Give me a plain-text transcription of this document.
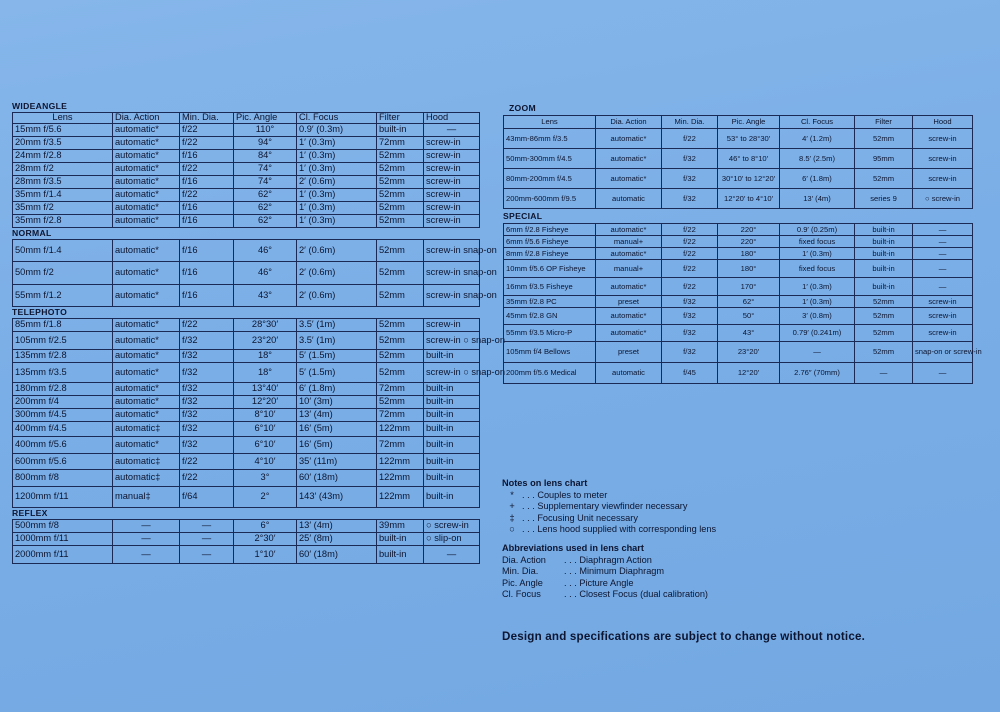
WIDEANGLE
Lens	Dia. Action	Min. Dia.	Pic. Angle	Cl. Focus	Filter	Hood
15mm f/5.6	automatic*	f/22	110°	0.9′ (0.3m)	built-in	—
20mm f/3.5	automatic*	f/22	94°	1′ (0.3m)	72mm	screw-in
24mm f/2.8	automatic*	f/16	84°	1′ (0.3m)	52mm	screw-in
28mm f/2	automatic*	f/22	74°	1′ (0.3m)	52mm	screw-in
28mm f/3.5	automatic*	f/16	74°	2′ (0.6m)	52mm	screw-in
35mm f/1.4	automatic*	f/22	62°	1′ (0.3m)	52mm	screw-in
35mm f/2	automatic*	f/16	62°	1′ (0.3m)	52mm	screw-in
35mm f/2.8	automatic*	f/16	62°	1′ (0.3m)	52mm	screw-in
NORMAL
50mm f/1.4	automatic*	f/16	46°	2′ (0.6m)	52mm	screw-in snap-on
50mm f/2	automatic*	f/16	46°	2′ (0.6m)	52mm	screw-in snap-on
55mm f/1.2	automatic*	f/16	43°	2′ (0.6m)	52mm	screw-in snap-on
TELEPHOTO
85mm f/1.8	automatic*	f/22	28°30′	3.5′ (1m)	52mm	screw-in
105mm f/2.5	automatic*	f/32	23°20′	3.5′ (1m)	52mm	screw-in ○ snap-on
135mm f/2.8	automatic*	f/32	18°	5′ (1.5m)	52mm	built-in
135mm f/3.5	automatic*	f/32	18°	5′ (1.5m)	52mm	screw-in ○ snap-on
180mm f/2.8	automatic*	f/32	13°40′	6′ (1.8m)	72mm	built-in
200mm f/4	automatic*	f/32	12°20′	10′ (3m)	52mm	built-in
300mm f/4.5	automatic*	f/32	8°10′	13′ (4m)	72mm	built-in
400mm f/4.5	automatic‡	f/32	6°10′	16′ (5m)	122mm	built-in
400mm f/5.6	automatic*	f/32	6°10′	16′ (5m)	72mm	built-in
600mm f/5.6	automatic‡	f/22	4°10′	35′ (11m)	122mm	built-in
800mm f/8	automatic‡	f/22	3°	60′ (18m)	122mm	built-in
1200mm f/11	manual‡	f/64	2°	143′ (43m)	122mm	built-in
REFLEX
500mm f/8	—	—	6°	13′ (4m)	39mm	○ screw-in
1000mm f/11	—	—	2°30′	25′ (8m)	built-in	○ slip-on
2000mm f/11	—	—	1°10′	60′ (18m)	built-in	—
ZOOM
Lens	Dia. Action	Min. Dia.	Pic. Angle	Cl. Focus	Filter	Hood
43mm-86mm f/3.5	automatic*	f/22	53° to 28°30′	4′ (1.2m)	52mm	screw-in
50mm-300mm f/4.5	automatic*	f/32	46° to 8°10′	8.5′ (2.5m)	95mm	screw-in
80mm-200mm f/4.5	automatic*	f/32	30°10′ to 12°20′	6′ (1.8m)	52mm	screw-in
200mm-600mm f/9.5	automatic	f/32	12°20′ to 4°10′	13′ (4m)	series 9	○ screw-in
SPECIAL
6mm f/2.8 Fisheye	automatic*	f/22	220°	0.9′ (0.25m)	built-in	—
6mm f/5.6 Fisheye	manual+	f/22	220°	fixed focus	built-in	—
8mm f/2.8 Fisheye	automatic*	f/22	180°	1′ (0.3m)	built-in	—
10mm f/5.6 OP Fisheye	manual+	f/22	180°	fixed focus	built-in	—
16mm f/3.5 Fisheye	automatic*	f/22	170°	1′ (0.3m)	built-in	—
35mm f/2.8 PC	preset	f/32	62°	1′ (0.3m)	52mm	screw-in
45mm f/2.8 GN	automatic*	f/32	50°	3′ (0.8m)	52mm	screw-in
55mm f/3.5 Micro-P	automatic*	f/32	43°	0.79′ (0.241m)	52mm	screw-in
105mm f/4 Bellows	preset	f/32	23°20′	—	52mm	snap-on or screw-in
200mm f/5.6 Medical	automatic	f/45	12°20′	2.76″ (70mm)	—	—
Notes on lens chart
* . . . Couples to meter
+ . . . Supplementary viewfinder necessary
‡ . . . Focusing Unit necessary
○ . . . Lens hood supplied with corresponding lens
Abbreviations used in lens chart
Dia. Action	. . . Diaphragm Action
Min. Dia.	. . . Minimum Diaphragm
Pic. Angle	. . . Picture Angle
Cl. Focus	. . . Closest Focus (dual calibration)
Design and specifications are subject to change without notice.
